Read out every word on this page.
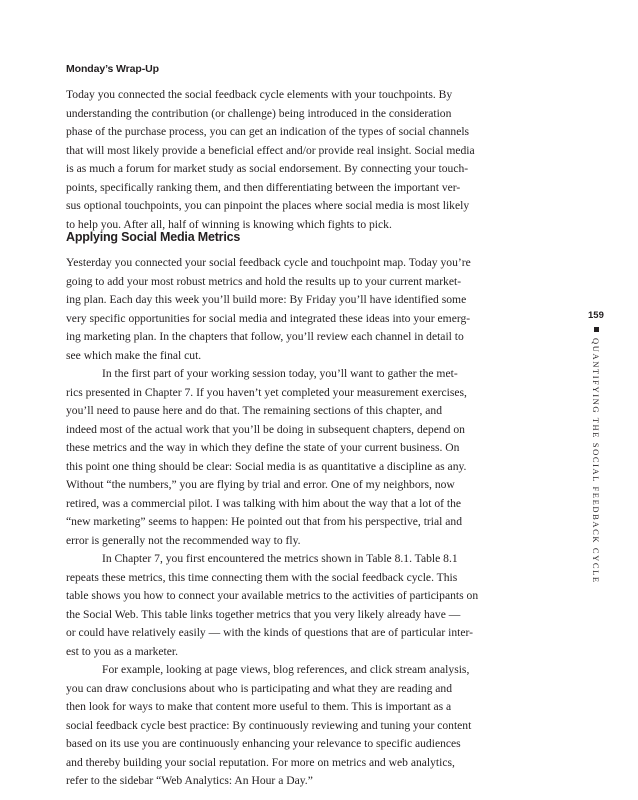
Monday’s Wrap-Up
Today you connected the social feedback cycle elements with your touchpoints. By
understanding the contribution (or challenge) being introduced in the consideration
phase of the purchase process, you can get an indication of the types of social channels
that will most likely provide a beneficial effect and/or provide real insight. Social media
is as much a forum for market study as social endorsement. By connecting your touch-
points, specifically ranking them, and then differentiating between the important ver-
sus optional touchpoints, you can pinpoint the places where social media is most likely
to help you. After all, half of winning is knowing which fights to pick.
Applying Social Media Metrics
Yesterday you connected your social feedback cycle and touchpoint map. Today you’re
going to add your most robust metrics and hold the results up to your current market-
ing plan. Each day this week you’ll build more: By Friday you’ll have identified some
very specific opportunities for social media and integrated these ideas into your emerg-
ing marketing plan. In the chapters that follow, you’ll review each channel in detail to
see which make the final cut.
In the first part of your working session today, you’ll want to gather the met-
rics presented in Chapter 7. If you haven’t yet completed your measurement exercises,
you’ll need to pause here and do that. The remaining sections of this chapter, and
indeed most of the actual work that you’ll be doing in subsequent chapters, depend on
these metrics and the way in which they define the state of your current business. On
this point one thing should be clear: Social media is as quantitative a discipline as any.
Without “the numbers,” you are flying by trial and error. One of my neighbors, now
retired, was a commercial pilot. I was talking with him about the way that a lot of the
“new marketing” seems to happen: He pointed out that from his perspective, trial and
error is generally not the recommended way to fly.
In Chapter 7, you first encountered the metrics shown in Table 8.1. Table 8.1
repeats these metrics, this time connecting them with the social feedback cycle. This
table shows you how to connect your available metrics to the activities of participants on
the Social Web. This table links together metrics that you very likely already have —
or could have relatively easily — with the kinds of questions that are of particular inter-
est to you as a marketer.
For example, looking at page views, blog references, and click stream analysis,
you can draw conclusions about who is participating and what they are reading and
then look for ways to make that content more useful to them. This is important as a
social feedback cycle best practice: By continuously reviewing and tuning your content
based on its use you are continuously enhancing your relevance to specific audiences
and thereby building your social reputation. For more on metrics and web analytics,
refer to the sidebar “Web Analytics: An Hour a Day.”
159
QUANTIFYING THE SOCIAL FEEDBACK CYCLE
